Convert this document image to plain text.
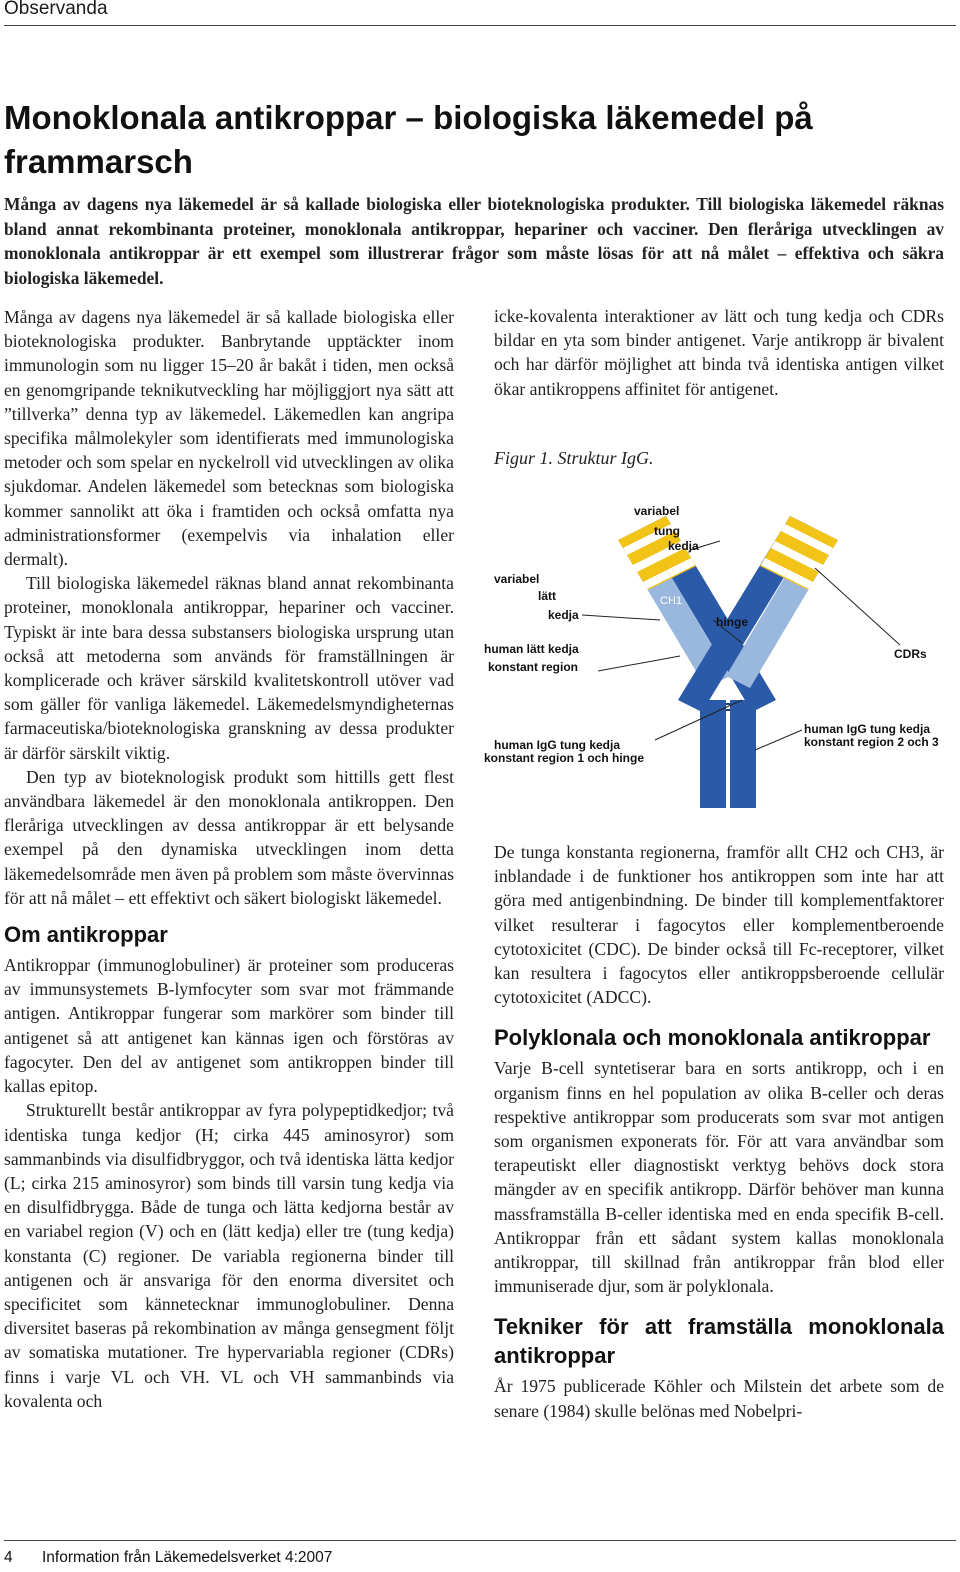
Observanda
Monoklonala antikroppar – biologiska läkemedel på frammarsch

Många av dagens nya läkemedel är så kallade biologiska eller bioteknologiska produkter. Till biologiska läkemedel räknas bland annat rekombinanta proteiner, monoklonala antikroppar, hepariner och vacciner. Den fleråriga utvecklingen av monoklonala antikroppar är ett exempel som illustrerar frågor som måste lösas för att nå målet – effektiva och säkra biologiska läkemedel.

Många av dagens nya läkemedel är så kallade biologiska eller bioteknologiska produkter. Banbrytande upptäckter inom immunologin som nu ligger 15–20 år bakåt i tiden, men också en genomgripande teknikutveckling har möjliggjort nya sätt att ”tillverka” denna typ av läkemedel. Läkemedlen kan angripa specifika målmolekyler som identifierats med immunologiska metoder och som spelar en nyckelroll vid utvecklingen av olika sjukdomar. Andelen läkemedel som betecknas som biologiska kommer sannolikt att öka i framtiden och också omfatta nya administrationsformer (exempelvis via inhalation eller dermalt).

Till biologiska läkemedel räknas bland annat rekombinanta proteiner, monoklonala antikroppar, hepariner och vacciner. Typiskt är inte bara dessa substansers biologiska ursprung utan också att metoderna som används för framställningen är komplicerade och kräver särskild kvalitetskontroll utöver vad som gäller för vanliga läkemedel. Läkemedelsmyndigheternas farmaceutiska/bioteknologiska granskning av dessa produkter är därför särskilt viktig.

Den typ av bioteknologisk produkt som hittills gett flest användbara läkemedel är den monoklonala antikroppen. Den fleråriga utvecklingen av dessa antikroppar är ett belysande exempel på den dynamiska utvecklingen inom detta läkemedelsområde men även på problem som måste övervinnas för att nå målet – ett effektivt och säkert biologiskt läkemedel.

Om antikroppar

Antikroppar (immunoglobuliner) är proteiner som produceras av immunsystemets B-lymfocyter som svar mot främmande antigen. Antikroppar fungerar som markörer som binder till antigenet så att antigenet kan kännas igen och förstöras av fagocyter. Den del av antigenet som antikroppen binder till kallas epitop.

Strukturellt består antikroppar av fyra polypeptidkedjor; två identiska tunga kedjor (H; cirka 445 aminosyror) som sammanbinds via disulfidbryggor, och två identiska lätta kedjor (L; cirka 215 aminosyror) som binds till varsin tung kedja via en disulfidbrygga. Både de tunga och lätta kedjorna består av en variabel region (V) och en (lätt kedja) eller tre (tung kedja) konstanta (C) regioner. De variabla regionerna binder till antigenen och är ansvariga för den enorma diversitet och specificitet som kännetecknar immunoglobuliner. Denna diversitet baseras på rekombination av många gensegment följt av somatiska mutationer. Tre hypervariabla regioner (CDRs) finns i varje VL och VH. VL och VH sammanbinds via kovalenta och

icke-kovalenta interaktioner av lätt och tung kedja och CDRs bildar en yta som binder antigenet. Varje antikropp är bivalent och har därför möjlighet att binda två identiska antigen vilket ökar antikroppens affinitet för antigenet.

Figur 1. Struktur IgG.
variabel
tung
kedja
variabel
lätt
kedja
CH1
hinge
human lätt kedja
konstant region
CDRs
human IgG tung kedja
konstant region 1 och hinge
human IgG tung kedja
konstant region 2 och 3

De tunga konstanta regionerna, framför allt CH2 och CH3, är inblandade i de funktioner hos antikroppen som inte har att göra med antigenbindning. De binder till komplementfaktorer vilket resulterar i fagocytos eller komplementberoende cytotoxicitet (CDC). De binder också till Fc-receptorer, vilket kan resultera i fagocytos eller antikroppsberoende cellulär cytotoxicitet (ADCC).

Polyklonala och monoklonala antikroppar

Varje B-cell syntetiserar bara en sorts antikropp, och i en organism finns en hel population av olika B-celler och deras respektive antikroppar som producerats som svar mot antigen som organismen exponerats för. För att vara användbar som terapeutiskt eller diagnostiskt verktyg behövs dock stora mängder av en specifik antikropp. Därför behöver man kunna massframställa B-celler identiska med en enda specifik B-cell. Antikroppar från ett sådant system kallas monoklonala antikroppar, till skillnad från antikroppar från blod eller immuniserade djur, som är polyklonala.

Tekniker för att framställa monoklonala antikroppar

År 1975 publicerade Köhler och Milstein det arbete som de senare (1984) skulle belönas med Nobelpri-

4 Information från Läkemedelsverket 4:2007
